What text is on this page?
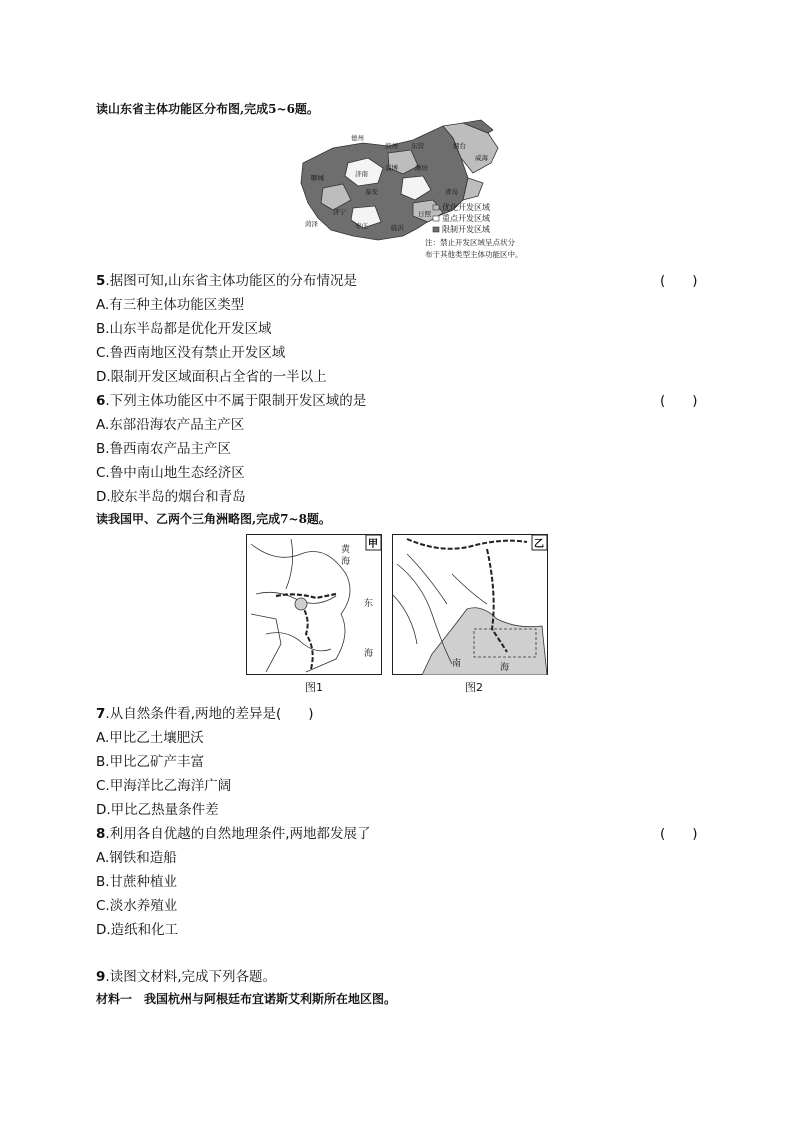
读山东省主体功能区分布图,完成5~6题。
德州
滨州 东营	烟台
威海
聊城	济南
淄博	潍坊
青岛
泰安
济宁
临沂
日照
菏泽	枣庄
优化开发区域
重点开发区域
限制开发区域
注：禁止开发区域呈点状分
布于其他类型主体功能区中。
5.据图可知,山东省主体功能区的分布情况是	(　　)
A.有三种主体功能区类型
B.山东半岛都是优化开发区域
C.鲁西南地区没有禁止开发区域
D.限制开发区域面积占全省的一半以上
6.下列主体功能区中不属于限制开发区域的是	(　　)
A.东部沿海农产品主产区
B.鲁西南农产品主产区
C.鲁中南山地生态经济区
D.胶东半岛的烟台和青岛
读我国甲、乙两个三角洲略图,完成7~8题。
甲
黄
海
东
海
图1
乙
南	海
图2
7.从自然条件看,两地的差异是(　　)
A.甲比乙土壤肥沃
B.甲比乙矿产丰富
C.甲海洋比乙海洋广阔
D.甲比乙热量条件差
8.利用各自优越的自然地理条件,两地都发展了	(　　)
A.钢铁和造船
B.甘蔗种植业
C.淡水养殖业
D.造纸和化工
9.读图文材料,完成下列各题。
材料一　我国杭州与阿根廷布宜诺斯艾利斯所在地区图。
